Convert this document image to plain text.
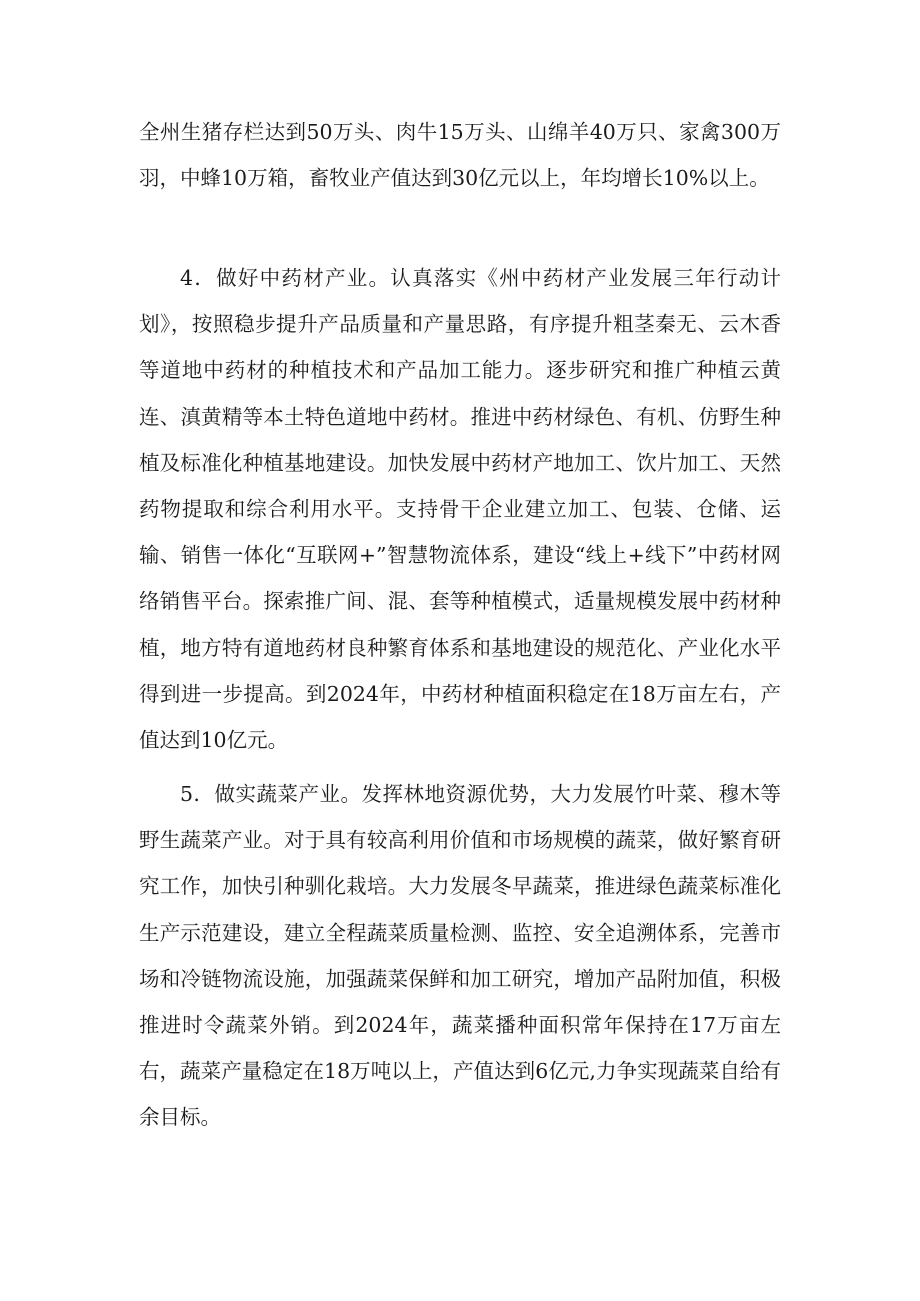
全州生猪存栏达到50万头、肉牛15万头、山绵羊40万只、家禽300万羽，中蜂10万箱，畜牧业产值达到30亿元以上，年均增长10%以上。

4．做好中药材产业。认真落实《州中药材产业发展三年行动计划》，按照稳步提升产品质量和产量思路，有序提升粗茎秦无、云木香等道地中药材的种植技术和产品加工能力。逐步研究和推广种植云黄连、滇黄精等本土特色道地中药材。推进中药材绿色、有机、仿野生种植及标准化种植基地建设。加快发展中药材产地加工、饮片加工、天然药物提取和综合利用水平。支持骨干企业建立加工、包装、仓储、运输、销售一体化“互联网+”智慧物流体系，建设“线上+线下”中药材网络销售平台。探索推广间、混、套等种植模式，适量规模发展中药材种植，地方特有道地药材良种繁育体系和基地建设的规范化、产业化水平得到进一步提高。到2024年，中药材种植面积稳定在18万亩左右，产值达到10亿元。

5．做实蔬菜产业。发挥林地资源优势，大力发展竹叶菜、穆木等野生蔬菜产业。对于具有较高利用价值和市场规模的蔬菜，做好繁育研究工作，加快引种驯化栽培。大力发展冬早蔬菜，推进绿色蔬菜标准化生产示范建设，建立全程蔬菜质量检测、监控、安全追溯体系，完善市场和冷链物流设施，加强蔬菜保鲜和加工研究，增加产品附加值，积极推进时令蔬菜外销。到2024年，蔬菜播种面积常年保持在17万亩左右，蔬菜产量稳定在18万吨以上，产值达到6亿元,力争实现蔬菜自给有余目标。
